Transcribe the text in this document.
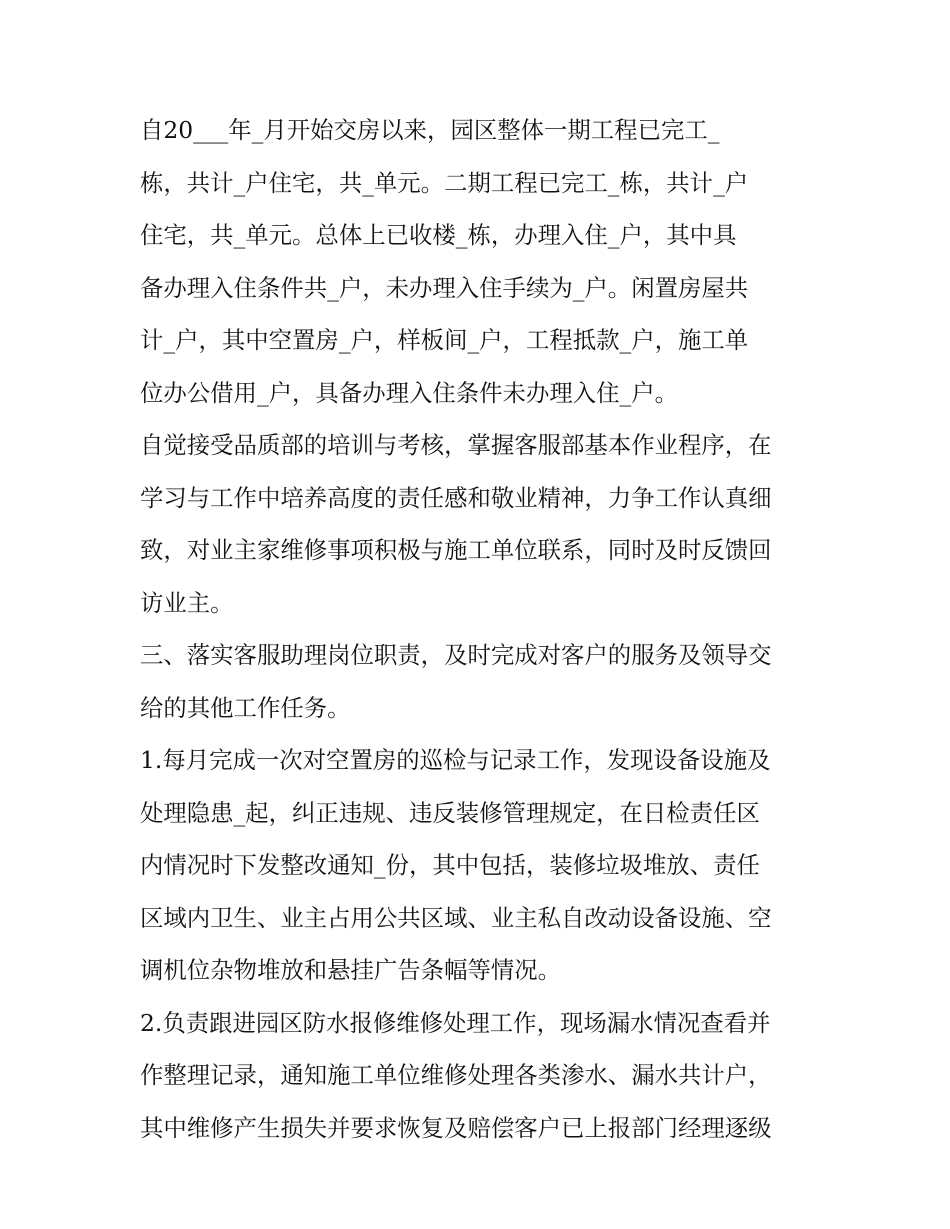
自20___年_月开始交房以来，园区整体一期工程已完工_
栋，共计_户住宅，共_单元。二期工程已完工_栋，共计_户
住宅，共_单元。总体上已收楼_栋，办理入住_户，其中具
备办理入住条件共_户，未办理入住手续为_户。闲置房屋共
计_户，其中空置房_户，样板间_户，工程抵款_户，施工单
位办公借用_户，具备办理入住条件未办理入住_户。
自觉接受品质部的培训与考核，掌握客服部基本作业程序，在
学习与工作中培养高度的责任感和敬业精神，力争工作认真细
致，对业主家维修事项积极与施工单位联系，同时及时反馈回
访业主。
三、落实客服助理岗位职责，及时完成对客户的服务及领导交
给的其他工作任务。
1.每月完成一次对空置房的巡检与记录工作，发现设备设施及
处理隐患_起，纠正违规、违反装修管理规定，在日检责任区
内情况时下发整改通知_份，其中包括，装修垃圾堆放、责任
区域内卫生、业主占用公共区域、业主私自改动设备设施、空
调机位杂物堆放和悬挂广告条幅等情况。
2.负责跟进园区防水报修维修处理工作，现场漏水情况查看并
作整理记录，通知施工单位维修处理各类渗水、漏水共计户，
其中维修产生损失并要求恢复及赔偿客户已上报部门经理逐级
